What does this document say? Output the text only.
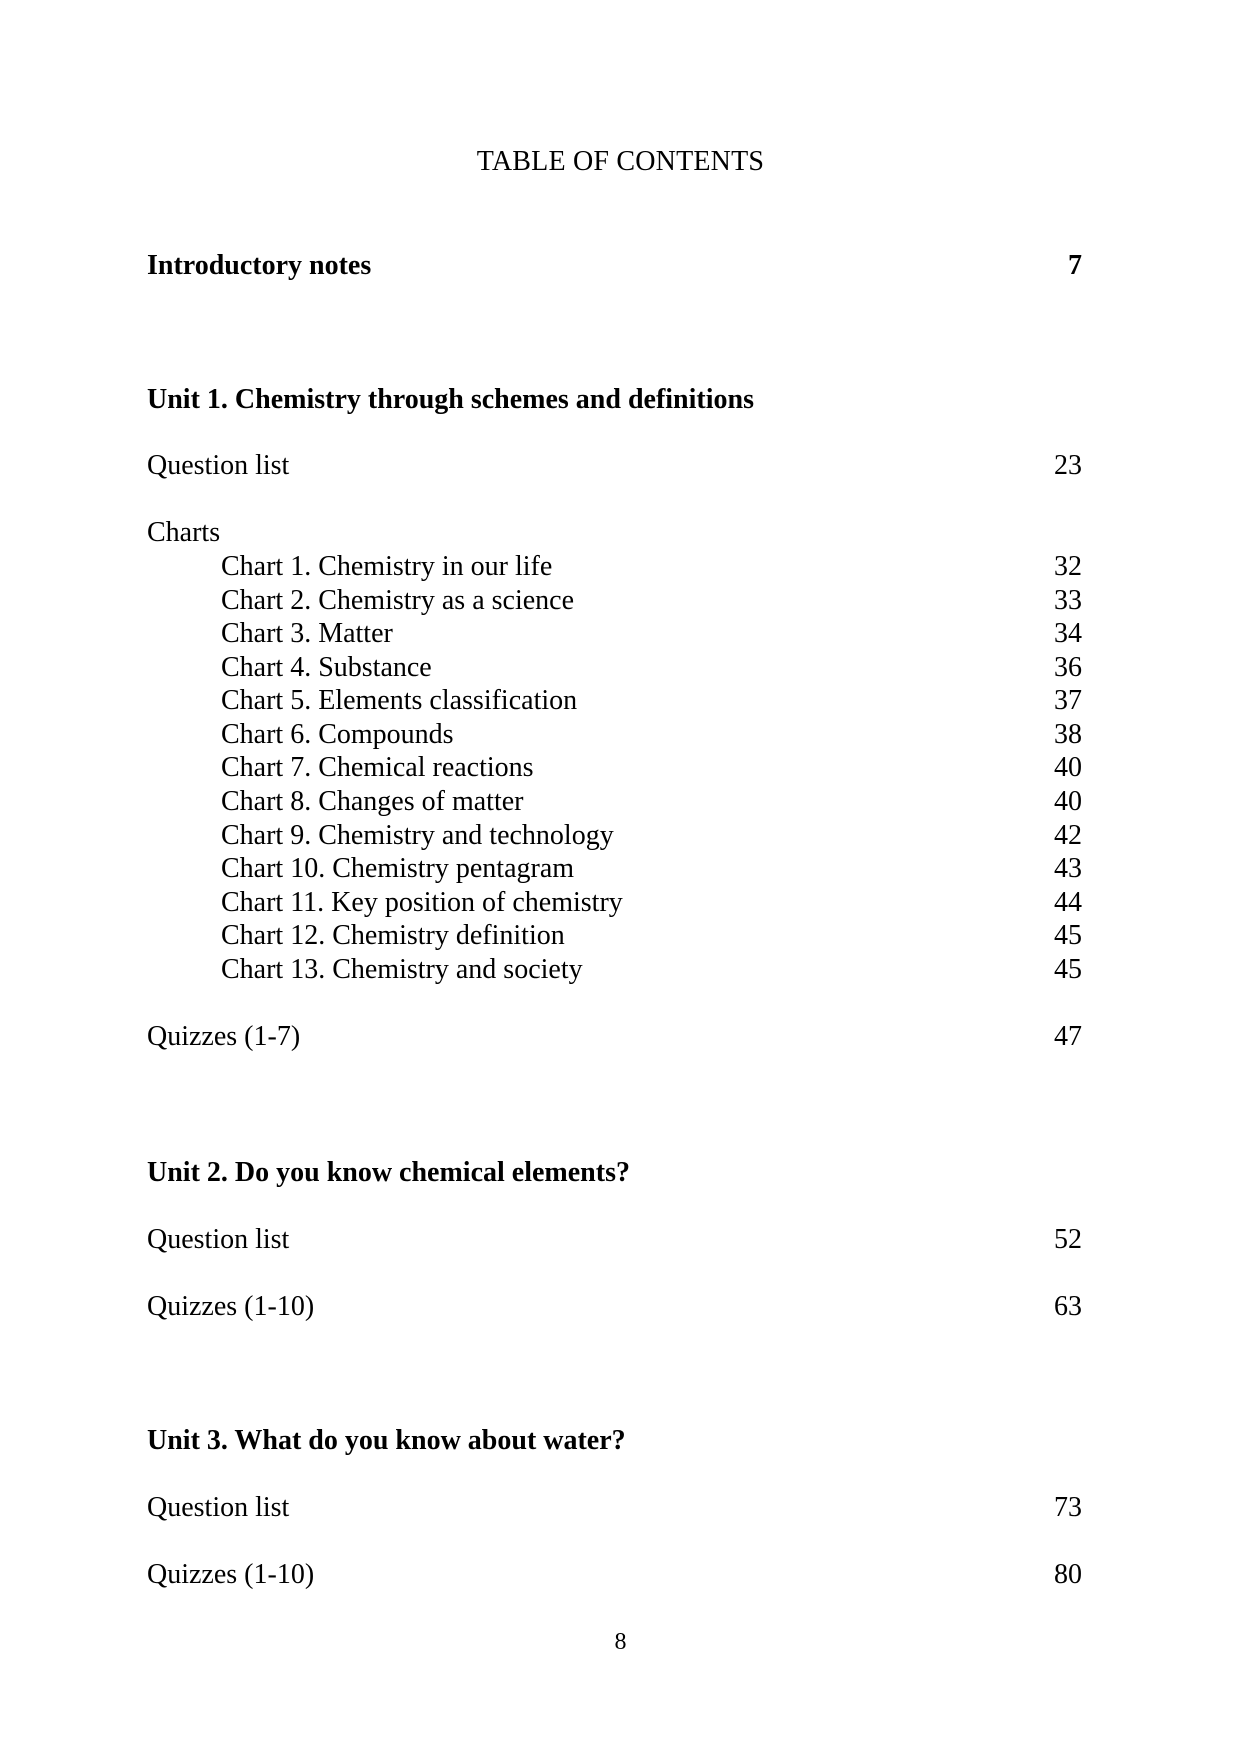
TABLE OF CONTENTS
Introductory notes	7
Unit 1. Chemistry through schemes and definitions
Question list	23
Charts
Chart 1. Chemistry in our life	32
Chart 2. Chemistry as a science	33
Chart 3. Matter	34
Chart 4. Substance	36
Chart 5. Elements classification	37
Chart 6. Compounds	38
Chart 7. Chemical reactions	40
Chart 8. Changes of matter	40
Chart 9. Chemistry and technology	42
Chart 10. Chemistry pentagram	43
Chart 11. Key position of chemistry	44
Chart 12. Chemistry definition	45
Chart 13. Chemistry and society	45
Quizzes (1-7)	47
Unit 2. Do you know chemical elements?
Question list	52
Quizzes (1-10)	63
Unit 3. What do you know about water?
Question list	73
Quizzes (1-10)	80
8
